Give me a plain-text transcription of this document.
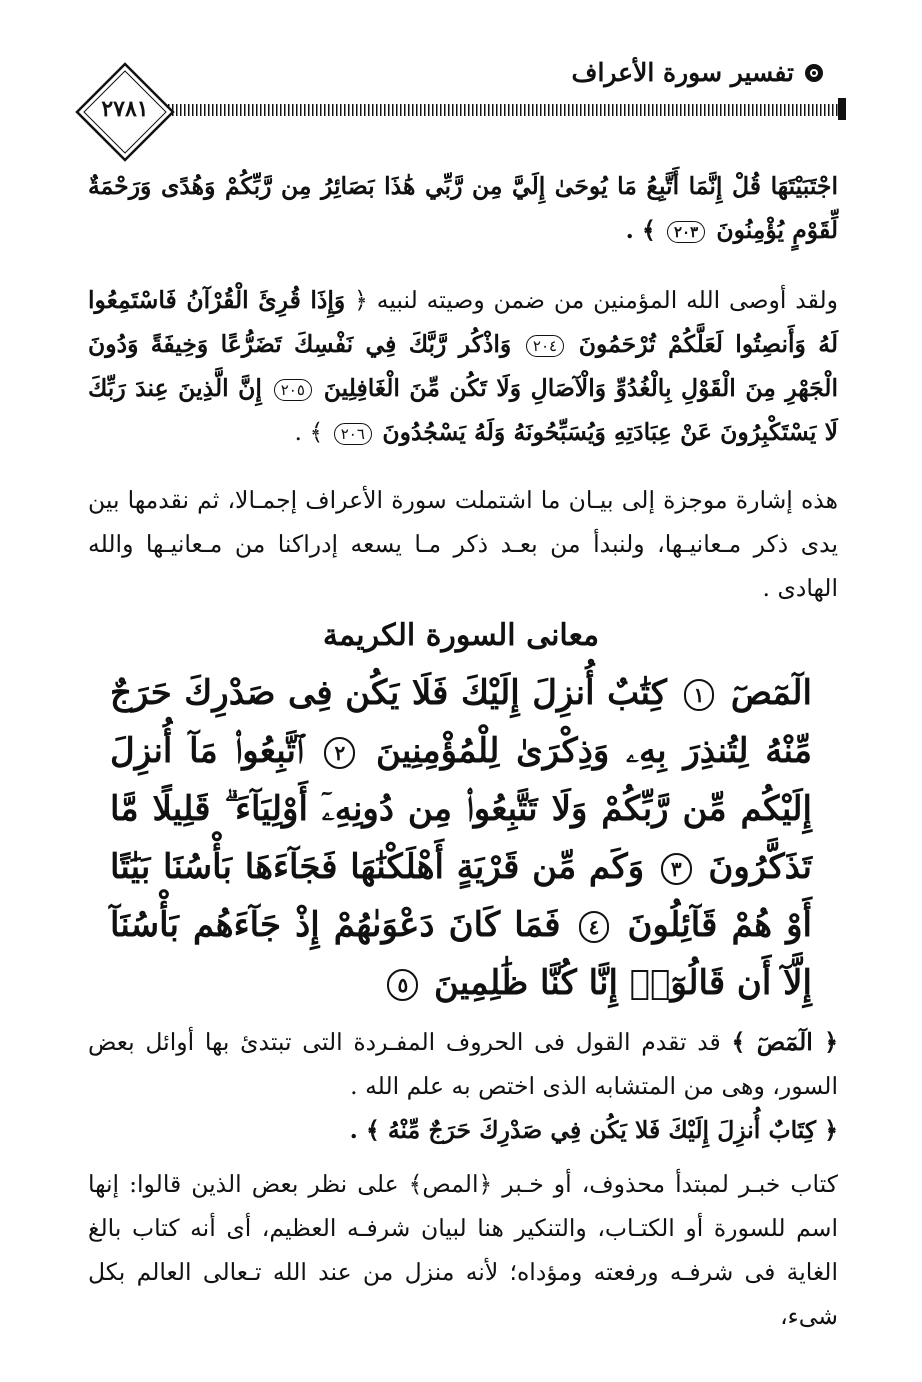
تفسير سورة الأعراف
٢٧٨١
اجْتَبَيْتَهَا قُلْ إِنَّمَا أَتَّبِعُ مَا يُوحَىٰ إِلَيَّ مِن رَّبِّي هَٰذَا بَصَائِرُ مِن رَّبِّكُمْ وَهُدًى وَرَحْمَةٌ لِّقَوْمٍ يُؤْمِنُونَ ٢٠٣ ﴾ .
ولقد أوصى الله المؤمنين من ضمن وصيته لنبيه ﴿ وَإِذَا قُرِئَ الْقُرْآنُ فَاسْتَمِعُوا لَهُ وَأَنصِتُوا لَعَلَّكُمْ تُرْحَمُونَ ٢٠٤ وَاذْكُر رَّبَّكَ فِي نَفْسِكَ تَضَرُّعًا وَخِيفَةً وَدُونَ الْجَهْرِ مِنَ الْقَوْلِ بِالْغُدُوِّ وَالْآصَالِ وَلَا تَكُن مِّنَ الْغَافِلِينَ ٢٠٥ إِنَّ الَّذِينَ عِندَ رَبِّكَ لَا يَسْتَكْبِرُونَ عَنْ عِبَادَتِهِ وَيُسَبِّحُونَهُ وَلَهُ يَسْجُدُونَ ٢٠٦ ﴾ .
هذه إشارة موجزة إلى بيـان ما اشتملت سورة الأعراف إجمـالا، ثم نقدمها بين يدى ذكر مـعانيـها، ولنبدأ من بعـد ذكر مـا يسعه إدراكنا من مـعانيـها والله الهادى .
معانى السورة الكريمة
الٓمٓصٓ ١ كِتَٰبٌ أُنزِلَ إِلَيْكَ فَلَا يَكُن فِى صَدْرِكَ حَرَجٌ مِّنْهُ لِتُنذِرَ بِهِۦ وَذِكْرَىٰ لِلْمُؤْمِنِينَ ٢ ٱتَّبِعُوا۟ مَآ أُنزِلَ إِلَيْكُم مِّن رَّبِّكُمْ وَلَا تَتَّبِعُوا۟ مِن دُونِهِۦٓ أَوْلِيَآءَ ۗ قَلِيلًا مَّا تَذَكَّرُونَ ٣ وَكَم مِّن قَرْيَةٍ أَهْلَكْنَٰهَا فَجَآءَهَا بَأْسُنَا بَيَٰتًا أَوْ هُمْ قَآئِلُونَ ٤ فَمَا كَانَ دَعْوَىٰهُمْ إِذْ جَآءَهُم بَأْسُنَآ إِلَّآ أَن قَالُوٓا۟ إِنَّا كُنَّا ظَٰلِمِينَ ٥
﴿ الٓمٓصٓ ﴾ قد تقدم القول فى الحروف المفـردة التى تبتدئ بها أوائل بعض السور، وهى من المتشابه الذى اختص به علم الله .
﴿ كِتَابٌ أُنزِلَ إِلَيْكَ فَلا يَكُن فِي صَدْرِكَ حَرَجٌ مِّنْهُ ﴾ .
كتاب خبـر لمبتدأ محذوف، أو خـبر ﴿المص﴾ على نظر بعض الذين قالوا: إنها اسم للسورة أو الكتـاب، والتنكير هنا لبيان شرفـه العظيم، أى أنه كتاب بالغ الغاية فى شرفـه ورفعته ومؤداه؛ لأنه منزل من عند الله تـعالى العالم بكل شىء،
